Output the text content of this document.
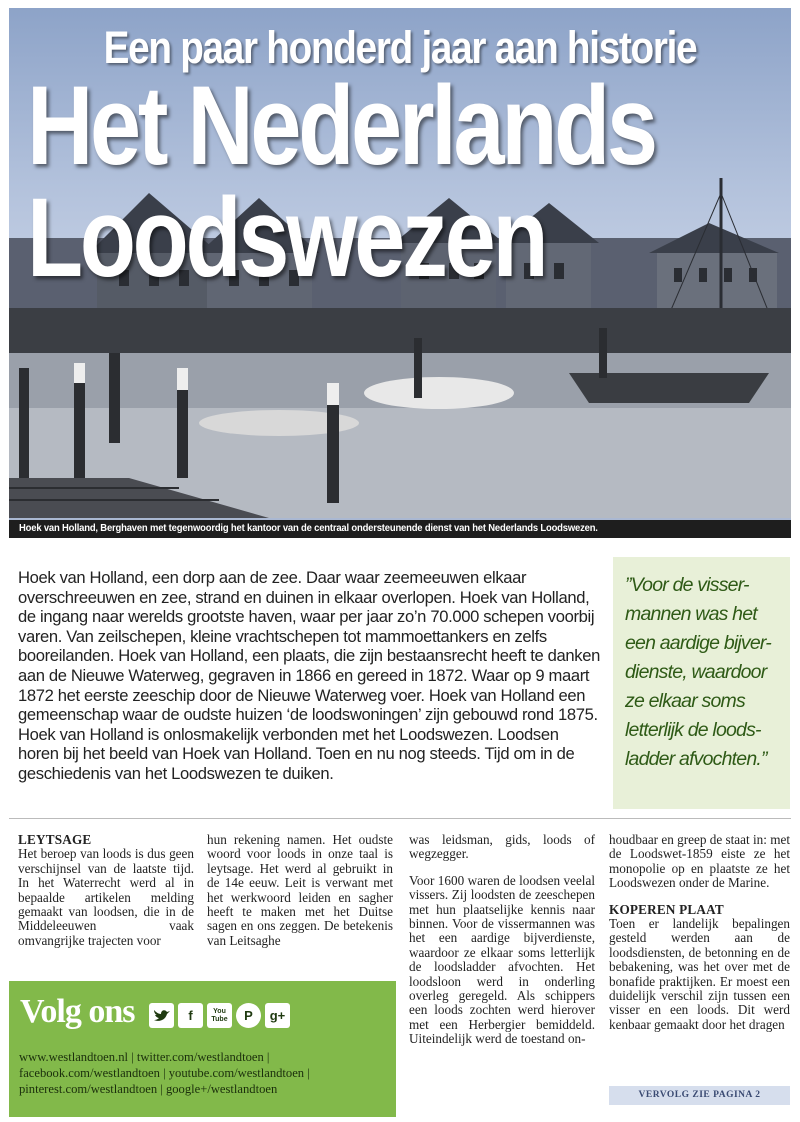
Een paar honderd jaar aan historie
Het Nederlands
Loodswezen
Hoek van Holland, Berghaven met tegenwoordig het kantoor van de centraal ondersteunende dienst van het Nederlands Loodswezen.
Hoek van Holland, een dorp aan de zee. Daar waar zeemeeuwen elkaar overschreeuwen en zee, strand en duinen in elkaar overlopen. Hoek van Holland, de ingang naar werelds grootste haven, waar per jaar zo’n 70.000 schepen voorbij varen. Van zeilschepen, kleine vrachtschepen tot mammoettankers en zelfs booreilanden. Hoek van Holland, een plaats, die zijn bestaansrecht heeft te danken aan de Nieuwe Waterweg, gegraven in 1866 en gereed in 1872. Waar op 9 maart 1872 het eerste zeeschip door de Nieuwe Waterweg voer. Hoek van Holland een gemeenschap waar de oudste huizen ‘de loodswoningen’ zijn gebouwd rond 1875. Hoek van Holland is onlosmakelijk verbonden met het Loodswezen. Loodsen horen bij het beeld van Hoek van Holland. Toen en nu nog steeds. Tijd om in de geschiedenis van het Loodswezen te duiken.
”Voor de visser-mannen was het een aardige bijver-dienste, waardoor ze elkaar soms letterlijk de loods-ladder afvochten.”
LEYTSAGE

Het beroep van loods is dus geen verschijnsel van de laatste tijd. In het Waterrecht werd al in bepaalde artikelen melding gemaakt van loodsen, die in de Middeleeuwen vaak omvangrijke trajecten voor

hun rekening namen. Het oudste woord voor loods in onze taal is leytsage. Het werd al gebruikt in de 14e eeuw. Leit is verwant met het werkwoord leiden en sagher heeft te maken met het Duitse sagen en ons zeggen. De betekenis van Leitsaghe

was leidsman, gids, loods of wegzegger.

Voor 1600 waren de loodsen veelal vissers. Zij loodsten de zeeschepen met hun plaatselijke kennis naar binnen. Voor de vissermannen was het een aardige bijverdienste, waardoor ze elkaar soms letterlijk de loodsladder afvochten. Het loodsloon werd in onderling overleg geregeld. Als schippers een loods zochten werd hierover met een Herbergier bemiddeld. Uiteindelijk werd de toestand on-

houdbaar en greep de staat in: met de Loodswet-1859 eiste ze het monopolie op en plaatste ze het Loodswezen onder de Marine.

KOPEREN PLAAT

Toen er landelijk bepalingen gesteld werden aan de loodsdiensten, de betonning en de bebakening, was het over met de bonafide praktijken. Er moest een duidelijk verschil zijn tussen een visser en een loods. Dit werd kenbaar gemaakt door het dragen

Volg ons	f	You Tube	P	g+
www.westlandtoen.nl | twitter.com/westlandtoen | facebook.com/westlandtoen | youtube.com/westlandtoen | pinterest.com/westlandtoen | google+/westlandtoen	VERVOLG ZIE PAGINA 2
